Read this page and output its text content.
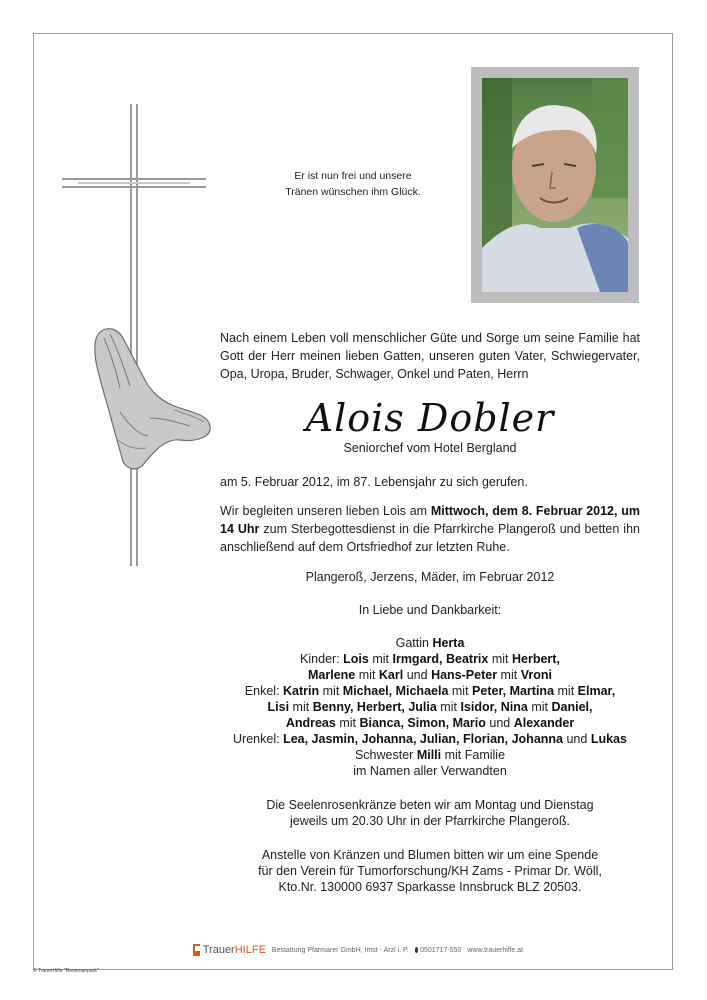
Er ist nun frei und unsere
Tränen wünschen ihm Glück.
Nach einem Leben voll menschlicher Güte und Sorge um seine Familie hat Gott der Herr meinen lieben Gatten, unseren guten Vater, Schwiegervater, Opa, Uropa, Bruder, Schwager, Onkel und Paten, Herrn
Alois Dobler
Seniorchef vom Hotel Bergland
am 5. Februar 2012, im 87. Lebensjahr zu sich gerufen.
Wir begleiten unseren lieben Lois am Mittwoch, dem 8. Februar 2012, um 14 Uhr zum Sterbegottesdienst in die Pfarrkirche Plangeroß und betten ihn anschließend auf dem Ortsfriedhof zur letzten Ruhe.
Plangeroß, Jerzens, Mäder, im Februar 2012
In Liebe und Dankbarkeit:
Gattin Herta
Kinder: Lois mit Irmgard, Beatrix mit Herbert,
Marlene mit Karl und Hans-Peter mit Vroni
Enkel: Katrin mit Michael, Michaela mit Peter, Martina mit Elmar,
Lisi mit Benny, Herbert, Julia mit Isidor, Nina mit Daniel,
Andreas mit Bianca, Simon, Mario und Alexander
Urenkel: Lea, Jasmin, Johanna, Julian, Florian, Johanna und Lukas
Schwester Milli mit Familie
im Namen aller Verwandten
Die Seelenrosenkränze beten wir am Montag und Dienstag
jeweils um 20.30 Uhr in der Pfarrkirche Plangeroß.
Anstelle von Kränzen und Blumen bitten wir um eine Spende
für den Verein für Tumorforschung/KH Zams - Primar Dr. Wöll,
Kto.Nr. 130000 6937 Sparkasse Innsbruck BLZ 20503.
TrauerHILFE Bestattung Pfarmarer GmbH, Imst - Arzl i. P. 0501717-550 www.trauerhilfe.at
© TrauerHilfe "Rosemanpark"
